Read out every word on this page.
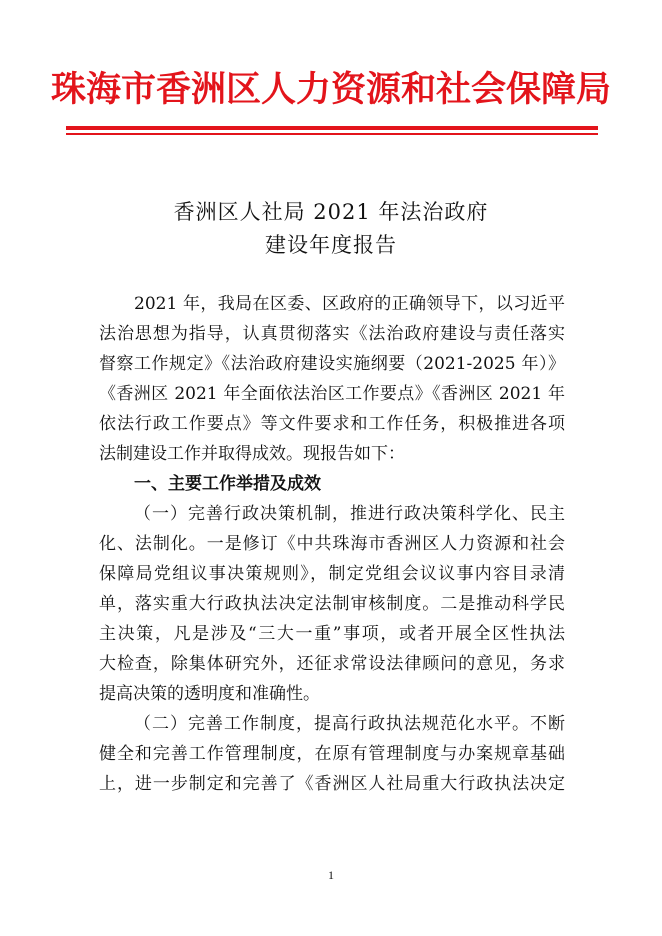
珠海市香洲区人力资源和社会保障局
香洲区人社局 2021 年法治政府
建设年度报告
2021 年，我局在区委、区政府的正确领导下，以习近平
法治思想为指导，认真贯彻落实《法治政府建设与责任落实
督察工作规定》《法治政府建设实施纲要（2021-2025 年）》
《香洲区 2021 年全面依法治区工作要点》《香洲区 2021 年
依法行政工作要点》等文件要求和工作任务，积极推进各项
法制建设工作并取得成效。现报告如下：
一、主要工作举措及成效
（一）完善行政决策机制，推进行政决策科学化、民主
化、法制化。一是修订《中共珠海市香洲区人力资源和社会
保障局党组议事决策规则》，制定党组会议议事内容目录清
单，落实重大行政执法决定法制审核制度。二是推动科学民
主决策，凡是涉及“三大一重”事项，或者开展全区性执法
大检查，除集体研究外，还征求常设法律顾问的意见，务求
提高决策的透明度和准确性。
（二）完善工作制度，提高行政执法规范化水平。不断
健全和完善工作管理制度，在原有管理制度与办案规章基础
上，进一步制定和完善了《香洲区人社局重大行政执法决定
1
